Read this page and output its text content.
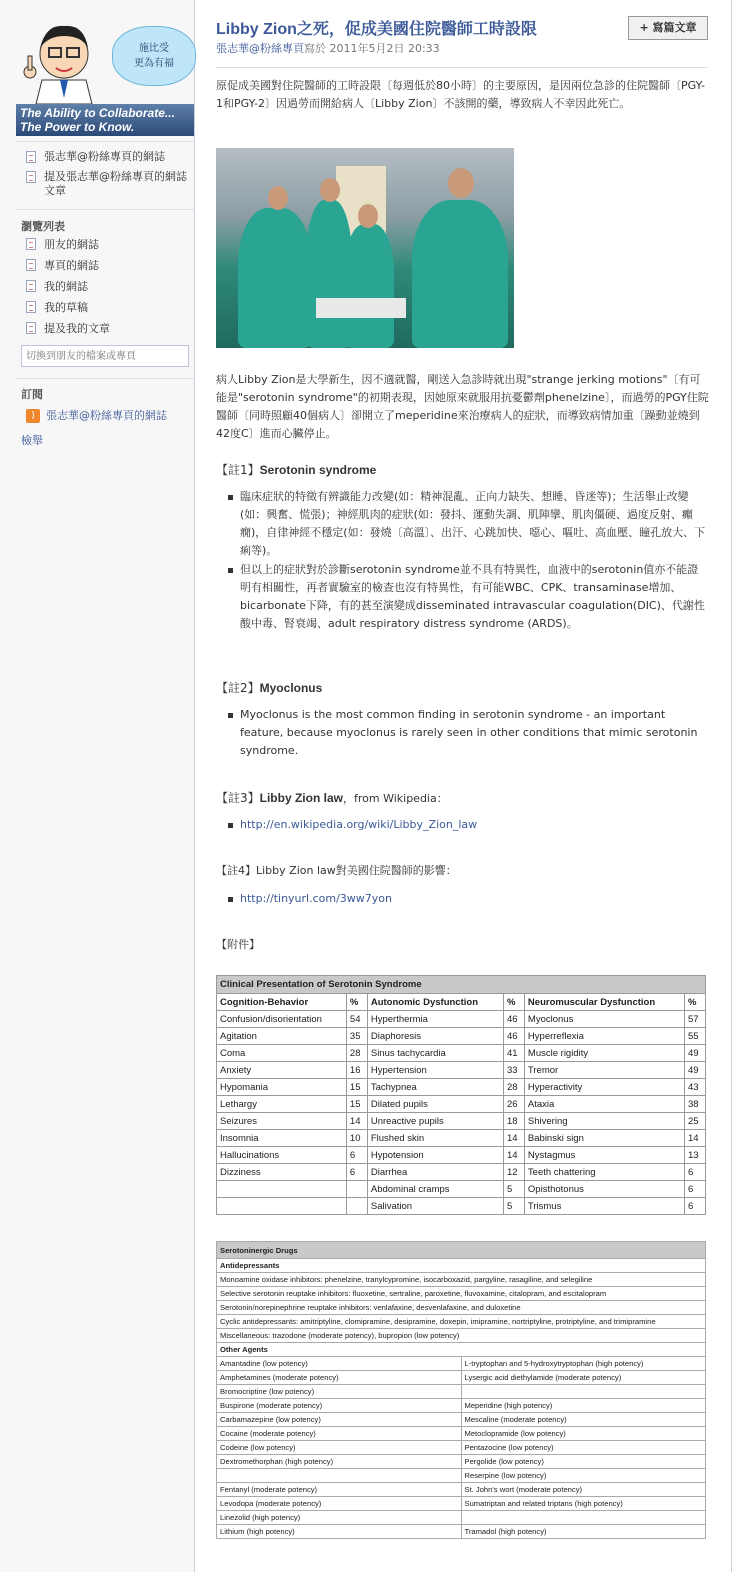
施比受
更為有福
The Ability to Collaborate...
The Power to Know.
張志華@粉絲專頁的網誌
提及張志華@粉絲專頁的網誌文章
瀏覽列表
朋友的網誌
專頁的網誌
我的網誌
我的草稿
提及我的文章
切換到朋友的檔案或專頁
訂閱
)	張志華@粉絲專頁的網誌
檢舉
Libby Zion之死，促成美國住院醫師工時設限
張志華@粉絲專頁寫於 2011年5月2日 20:33
+ 寫篇文章
原促成美國對住院醫師的工時設限〔每週低於80小時〕的主要原因，是因兩位急診的住院醫師〔PGY-1和PGY-2〕因過勞而開給病人〔Libby Zion〕不該開的藥，導致病人不幸因此死亡。
病人Libby Zion是大學新生，因不適就醫，剛送入急診時就出現"strange jerking motions"〔有可能是"serotonin syndrome"的初期表現，因她原來就服用抗憂鬱劑phenelzine〕，而過勞的PGY住院醫師〔同時照顧40個病人〕卻開立了meperidine來治療病人的症狀，而導致病情加重〔躁動並燒到42度C〕進而心臟停止。
【註1】Serotonin syndrome
臨床症狀的特徵有辨識能力改變(如：精神混亂、正向力缺失、想睡、昏迷等)；生活舉止改變(如：興奮、慌張)；神經肌肉的症狀(如：發抖、運動失調、肌陣攣、肌肉僵硬、過度反射、癲癇)，自律神經不穩定(如：發燒〔高溫〕、出汗、心跳加快、噁心、嘔吐、高血壓、瞳孔放大、下痢等)。
但以上的症狀對於診斷serotonin syndrome並不具有特異性，血液中的serotonin值亦不能證明有相關性，再者實驗室的檢查也沒有特異性，有可能WBC、CPK、transaminase增加、bicarbonate下降，有的甚至演變成disseminated intravascular coagulation(DIC)、代謝性酸中毒、腎衰竭、adult respiratory distress syndrome (ARDS)。
【註2】Myoclonus
Myoclonus is the most common finding in serotonin syndrome - an important feature, because myoclonus is rarely seen in other conditions that mimic serotonin syndrome.
【註3】Libby Zion law，from Wikipedia：
http://en.wikipedia.org/wiki/Libby_Zion_law
【註4】Libby Zion law對美國住院醫師的影響：
http://tinyurl.com/3ww7yon
【附件】
Clinical Presentation of Serotonin Syndrome					
Cognition-Behavior	%	Autonomic Dysfunction	%	Neuromuscular Dysfunction	%
Confusion/disorientation	54	Hyperthermia	46	Myoclonus	57
Agitation	35	Diaphoresis	46	Hyperreflexia	55
Coma	28	Sinus tachycardia	41	Muscle rigidity	49
Anxiety	16	Hypertension	33	Tremor	49
Hypomania	15	Tachypnea	28	Hyperactivity	43
Lethargy	15	Dilated pupils	26	Ataxia	38
Seizures	14	Unreactive pupils	18	Shivering	25
Insomnia	10	Flushed skin	14	Babinski sign	14
Hallucinations	6	Hypotension	14	Nystagmus	13
Dizziness	6	Diarrhea	12	Teeth chattering	6
		Abdominal cramps	5	Opisthotonus	6
		Salivation	5	Trismus	6
Serotoninergic Drugs	
Antidepressants	
Monoamine oxidase inhibitors: phenelzine, tranylcypromine, isocarboxazid, pargyline, rasagiline, and selegiline	
Selective serotonin reuptake inhibitors: fluoxetine, sertraline, paroxetine, fluvoxamine, citalopram, and escitalopram	
Serotonin/norepinephrine reuptake inhibitors: venlafaxine, desvenlafaxine, and duloxetine	
Cyclic antidepressants: amitriptyline, clomipramine, desipramine, doxepin, imipramine, nortriptyline, protriptyline, and trimipramine	
Miscellaneous: trazodone (moderate potency), bupropion (low potency)	
Other Agents	
Amantadine (low potency)	L-tryptophan and 5-hydroxytryptophan (high potency)
Amphetamines (moderate potency)	Lysergic acid diethylamide (moderate potency)
Bromocriptine (low potency)	
Buspirone (moderate potency)	Meperidine (high potency)
Carbamazepine (low potency)	Mescaline (moderate potency)
Cocaine (moderate potency)	Metoclopramide (low potency)
Codeine (low potency)	Pentazocine (low potency)
Dextromethorphan (high potency)	Pergolide (low potency)
	Reserpine (low potency)
Fentanyl (moderate potency)	St. John's wort (moderate potency)
Levodopa (moderate potency)	Sumatriptan and related triptans (high potency)
Linezolid (high potency)	
Lithium (high potency)	Tramadol (high potency)
